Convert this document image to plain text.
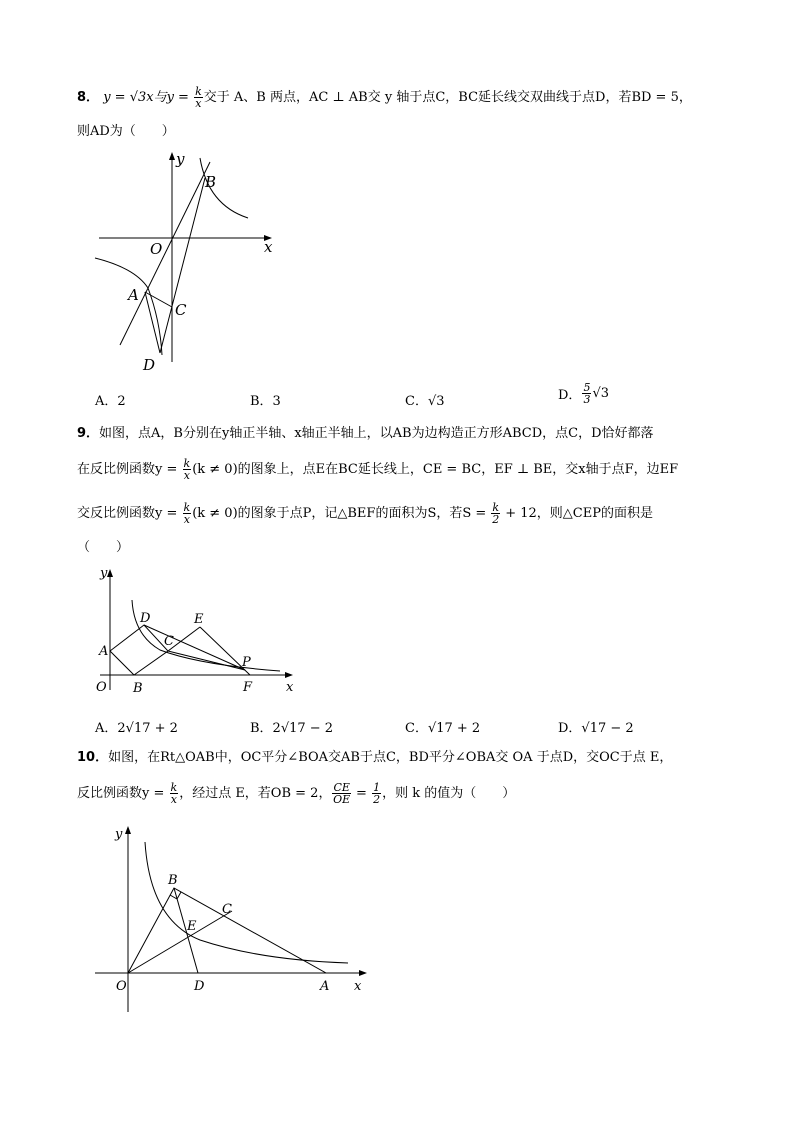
8． y = √3x与$y = \frac{k}{x}$ 交于 A、B 两点，AC ⊥ AB交 y 轴于点C，BC延长线交双曲线于点D，若BD = 5，
则AD为（　　）
y
x
O
B
A
C
D
A．2	B．3	C．√3	D． $\frac{5}{3} √3$
9．如图，点A，B分别在y轴正半轴、x轴正半轴上，以AB为边构造正方形ABCD，点C，D恰好都落
在反比例函数$y = \frac{k}{x} (k \ne 0)$的图象上，点E在BC延长线上，CE = BC，EF ⊥ BE，交x轴于点F，边EF
交反比例函数$y = \frac{k}{x} (k \ne 0)$的图象于点P，记△BEF的面积为S，若$S = \frac{k}{2} + 12$，则△CEP的面积是
（　　）
y
x
O
A
B
C
D	E
F
P
A．2√17 + 2	B．2√17 − 2	C．√17 + 2	D．√17 − 2
10．如图，在Rt△OAB中，OC平分∠BOA交AB于点C，BD平分∠OBA交 OA 于点D，交OC于点 E，
反比例函数$y = \frac{k}{x}$ ，经过点 E，若OB = 2， $\frac{CE}{OE} = \frac{1}{2}$ ，则 k 的值为（　　）
y
x
O	A
B
C
D
E
